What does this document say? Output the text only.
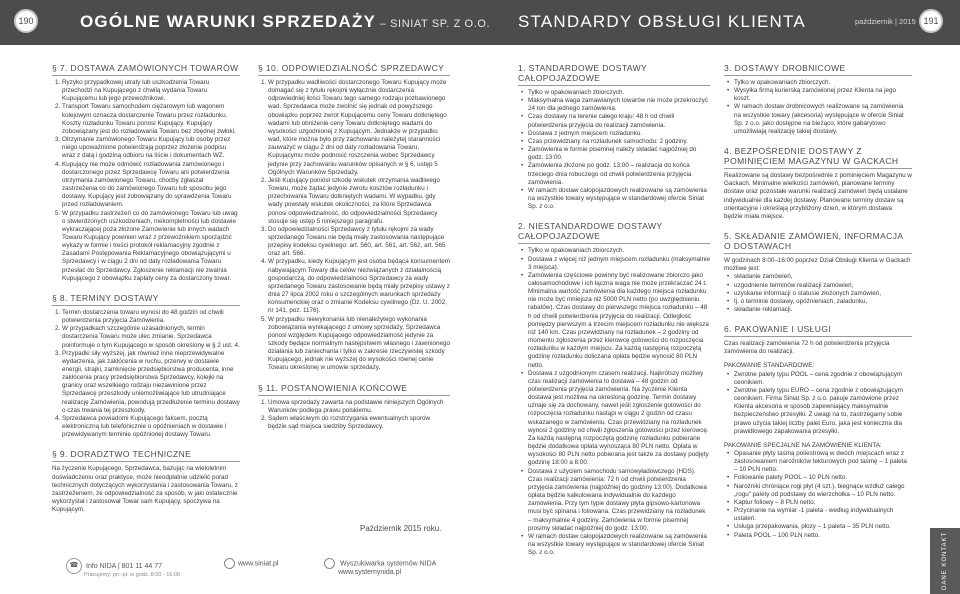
190	OGÓLNE WARUNKI SPRZEDAŻY – SINIAT SP. Z O.O. STANDARDY OBSŁUGI KLIENTA	październik | 2015 191
§ 7. DOSTAWA ZAMÓWIONYCH TOWARÓW
1. Ryzyko przypadkowej utraty lub uszkodzenia Towaru przechodzi na Kupującego z chwilą wydania Towaru Kupującemu lub jego przewoźnikowi.
2. Transport Towaru samochodem ciężarowym lub wagonem kolejowym oznacza dostarczenie Towaru przez rozładunku. Koszty rozładunku Towaru ponosi Kupujący. Kupujący zobowiązany jest do rozładowania Towaru bez zbędnej zwłoki.
3. Otrzymanie zamówionego Towaru Kupujący lub osoby przez niego upoważnione potwierdzają poprzez złożenie podpisu wraz z datą i godziną odbioru na liście i dokumentach WZ.
4. Kupujący nie może odmówić rozładowania zamówionego i dostarczonego przez Sprzedawcę Towaru ani potwierdzenia otrzymania zamówionego Towaru, choćby zgłaszał zastrzeżenia co do zamówionego Towaru lub sposobu jego dostawy. Kupujący jest zobowiązany do sprawdzenia Towaru przed rozładowaniem.
5. W przypadku zastrzeżeń co do zamówionego Towaru lub uwag o stwierdzonych uszkodzeniach, niekompletności lub dostawie wykraczającej poza złożone Zamówienie lub innych wadach Towaru Kupujący powinien wraz z przewoźnikiem sporządzić wykazy w formie i treści protokół reklamacyjny zgodnie z Zasadami Postępowania Reklamacyjnego obowiązującymi u Sprzedawcy i w ciągu 2 dni od daty rozładowania Towaru przesłać do Sprzedawcy. Zgłoszenie reklamacji nie zwalnia Kupującego z obowiązku zapłaty ceny za dostarczony towar.
§ 8. TERMINY DOSTAWY
1. Termin dostarczenia towaru wynosi do 48 godzin od chwili potwierdzenia przyjęcia Zamówienia.
2. W przypadkach szczególnie uzasadnionych, termin dostarczenia Towaru może ulec zmianie. Sprzedawca poinformuje o tym Kupującego w sposób określony w § 2 ust. 4.
3. Przypadki siły wyższej, jak również inne nieprzewidywalne wydarzenia, jak zakłócenia w ruchu, przerwy w dostawie energii, strajki, zamknięcie przedsiębiorstwa producenta, inne zakłócenia pracy przedsiębiorstwa Sprzedawcy, kolejki na granicy oraz wszelkiego rodzaju niezawinione przez Sprzedawcę przeszkody uniemożliwiające lub utrudniające realizację Zamówienia, powodują przedłużenie terminu dostawy o czas trwania tej przeszkody.
4. Sprzedawca powiadomi Kupującego faksem, pocztą elektroniczną lub telefonicznie o opóźnieniach w dostawie i przewidywanym terminie opóźnionej dostawy Towaru.
§ 9. DORADZTWO TECHNICZNE

Na życzenie Kupującego, Sprzedawca, bazując na wieloletnim doświadczeniu oraz praktyce, może nieodpłatnie udzielić porad technicznych dotyczących wykorzystania i zastosowania Towaru, z zastrzeżeniem, że odpowiedzialność za sposób, w jaki ostatecznie wykorzystał i zastosował Towar sam Kupujący, spoczywa na Kupującym.

§ 10. ODPOWIEDZIALNOŚĆ SPRZEDAWCY
1. W przypadku wadliwości dostarczonego Towaru Kupujący może domagać się z tytułu rękojmi wyłącznie dostarczenia odpowiedniej ilości Towaru tego samego rodzaju pozbawionego wad. Sprzedawca może zwolnić się jednak od powyższego obowiązku poprzez zwrot Kupującemu ceny Towaru dotkniętego wadami lub obniżenie ceny Towaru dotkniętego wadami do wysokości uzgodnionej z Kupującym. Jednakże w przypadku wad, które można było przy zachowaniu należytej staranności zauważyć w ciągu 2 dni od daty rozładowania Towaru, Kupującymu może podnosić roszczenia wobec Sprzedawcy jedynie przy zachowaniu warunków opisanych w § 6, ustęp 5 Ogólnych Warunków Sprzedaży.
2. Jeśli Kupujący poniósł szkodę wskutek otrzymania wadliwego Towaru, może żądać jedynie zwrotu kosztów rozładunku i przechowania Towaru dotkniętych wadami. W wypadku, gdy wady powstały wskutek okoliczności, za które Sprzedawca ponosi odpowiedzialność, do odpowiedzialności Sprzedawcy stosuje się ustęp 5 niniejszego paragrafu.
3. Do odpowiedzialności Sprzedawcy z tytułu rękojmi za wady sprzedanego Towaru nie będą miały zastosowania następujące przepisy kodeksu cywilnego: art. 560, art. 561, art. 562, art. 565 oraz art. 566.
4. W przypadku, kiedy Kupującym jest osoba będąca konsumentem nabywającym Towary dla celów niezwiązanych z działalnością gospodarczą, do odpowiedzialności Sprzedawcy za wady sprzedanego Towaru zastosowanie będą miały przepisy ustawy z dnia 27 lipca 2002 roku o szczególnych warunkach sprzedaży konsumenckiej oraz o zmianie Kodeksu cywilnego (Dz. U. 2002, nr 141, poz. 1176).
5. W przypadku niewykonania lub nienależytego wykonania zobowiązania wynikającego z umowy sprzedaży, Sprzedawca ponosi względem Kupującego odpowiedzialność jedynie za szkody będące normalnym następstwem własnego i zawinionego działania lub zaniechania i tylko w zakresie rzeczywistej szkody Kupującego, jednak nie wyższej do wysokości równej cenie Towaru określonej w umowie sprzedaży.
§ 11. POSTANOWIENIA KOŃCOWE
1. Umowa sprzedaży zawarta na podstawie niniejszych Ogólnych Warunków podlega prawu polskiemu.
2. Sądem właściwym do rozstrzygania ewentualnych sporów będzie sąd miejsca siedziby Sprzedawcy.
Październik 2015 roku.
1. STANDARDOWE DOSTAWY CAŁOPOJAZDOWE
• Tylko w opakowaniach zbiorczych.
• Maksymalna waga zamawianych towarów nie może przekroczyć 24 ton dla jednego zamówienia.
• Czas dostawy na terenie całego kraju: 48 h od chwili potwierdzenia przyjęcia do realizacji zamówienia.
• Dostawa z jednym miejscem rozładunku.
• Czas przewidziany na rozładunek samochodu: 2 godziny.
• Zamówienia w formie pisemnej należy składać najpóźniej do godz. 13:00.
• Zamówienia złożone po godz. 13:00 – realizacja do końca trzeciego dnia roboczego od chwili potwierdzenia przyjęcia zamówienia.
• W ramach dostaw całopojazdowych realizowane są zamówienia na wszystkie towary występujące w standardowej ofercie Siniat Sp. z o.o.
2. NIESTANDARDOWE DOSTAWY CAŁOPOJAZDOWE
• Tylko w opakowaniach zbiorczych.
• Dostawa z więcej niż jednym miejscem rozładunku (maksymalnie 3 miejsca).
• Zamówienia częściowe powinny być realizowane zbiorczo jako całosamochodowe i ich łączna waga nie może przekraczać 24 t. Minimalna wartość zamówienia dla każdego miejsca rozładunku nie może być mniejsza niż 5000 PLN netto (po uwzględnieniu rabatów). Czas dostawy do pierwszego miejsca rozładunku – 48 h od chwili potwierdzenia przyjęcia do realizacji. Odległość pomiędzy pierwszym a trzecim miejscem rozładunku nie większa niż 140 km. Czas przewidziany na rozładunek – 2 godziny od momentu zgłoszenia przez kierowcę gotowości do rozpoczęcia rozładunku w każdym miejscu. Za każdą następną rozpoczętą godzinę rozładunku doliczana opłata będzie wynosić 80 PLN netto.
• Dostawa z uzgodnionym czasem realizacji. Najkrótszy możliwy czas realizacji zamówienia to dostawa – 48 godzin od potwierdzenia przyjęcia zamówienia. Na życzenie Klienta dostawa jest możliwa na określoną godzinę. Termin dostawy uznaje się za dochowany, nawet jeśli zgłoszenie gotowości do rozpoczęcia rozładunku nastąpi w ciągu 2 godzin od czasu wskazanego w zamówieniu. Czas przewidziany na rozładunek wynosi 2 godziny od chwili zgłoszenia gotowości przez kierowcę. Za każdą następną rozpoczętą godzinę rozładunku pobierane będzie dodatkowa opłata wynosząca 80 PLN netto. Opłata w wysokości 80 PLN netto pobierana jest także za dostawy podjęty godzinę 18:00 a 8:00.
• Dostawa z użyciem samochodu samowyładowczego (HDS). Czas realizacji zamówienia: 72 h od chwili potwierdzenia przyjęcia zamówienia (najpóźniej do godziny 13:00). Dodatkowa opłata będzie kalkulowana indywidualnie do każdego zamówienia. Przy tym typie dostawy płyta gipsowo-kartonowa musi być spinana i foliowana. Czas przewidziany na rozładunek – maksymalnie 4 godziny. Zamówienia w formie pisemnej prosimy składać najpóźniej do godz. 13:00.
• W ramach dostaw całopojazdowych realizowane są zamówienia na wszystkie towary występujące w standardowej ofercie Siniat Sp. z o.o.
3. DOSTAWY DROBNICOWE
• Tylko w opakowaniach zbiorczych.
• Wysyłka firmą kurierską zamówionej przez Klienta na jego koszt.
• W ramach dostaw drobnicowych realizowane są zamówienia na wszystkie towary (akcesoria) występujące w ofercie Siniat Sp. z o.o. jako dostępne na bieżąco, które gabarytowo umożliwiają realizację takiej dostawy.
4. BEZPOŚREDNIE DOSTAWY Z POMINIĘCIEM MAGAZYNU W GACKACH

Realizowane są dostawy bezpośrednie z pominięciem Magazynu w Gackach. Minimalne wielkości zamówień, planowane terminy dostaw oraz pozostałe warunki realizacji zamówień będą ustalane indywidualnie dla każdej dostawy. Planowane terminy dostaw są orientacyjne i określają przybliżony dzień, w którym dostawa będzie miała miejsce.

5. SKŁADANIE ZAMÓWIEŃ, INFORMACJA O DOSTAWACH

W godzinach 8:00–16:00 poprzez Dział Obsługi Klienta w Gackach możliwe jest:

• składanie zamówień,
• uzgodnienie terminów realizacji zamówień,
• uzyskanie informacji o statusie złożonych zamówień,
• tj. o terminie dostawy, opóźnieniach, załadunku,
• składanie reklamacji.
6. PAKOWANIE I USŁUGI

Czas realizacji zamówienia 72 h od potwierdzenia przyjęcia zamówienia do realizacji.

PAKOWANIE STANDARDOWE:

• Zwrotne palety typu POOL – cena zgodnie z obowiązującym cennikiem.
• Zwrotne palety typu EURO – cena zgodnie z obowiązującym cennikiem. Firma Siniat Sp. z o.o. pakuje zamówione przez Klienta akcesoria w sposób zapewniający maksymalnie bezpieczeństwo przesyłki. Z uwagi na to, zastrzegamy sobie prawo użycia takiej liczby palet Euro, jaka jest konieczna dla prawidłowego zapakowania przesyłki.

PAKOWANIE SPECJALNE NA ZAMÓWIENIE KLIENTA:

• Opasanie płyty taśmą poliestrową w dwóch miejscach wraz z zastosowaniem narożników tekturowych pod taśmę – 1 paleta – 10 PLN netto.
• Foliowanie palety POOL – 10 PLN netto.
• Narożniki chroniące rogi płyt (4 szt.), biegnące wzdłuż całego „rogu” palety od podstawy do wierzchołka – 10 PLN netto.
• Kaptur foliowy – 8 PLN netto.
• Przycinanie na wymiar -1 paleta - według indywidualnych ustaleń.
• Usługa przepakowania, płozy – 1 paleta – 35 PLN netto.
• Paleta POOL – 100 PLN netto.
☎ Info NIDA | 801 11 44 77
Pracujemy: pn.-pt. w godz. 8:00 - 16:00
www.siniat.pl	Wyszukiwarka systemów NIDA
www.systemynida.pl	DANE KONTAKT
